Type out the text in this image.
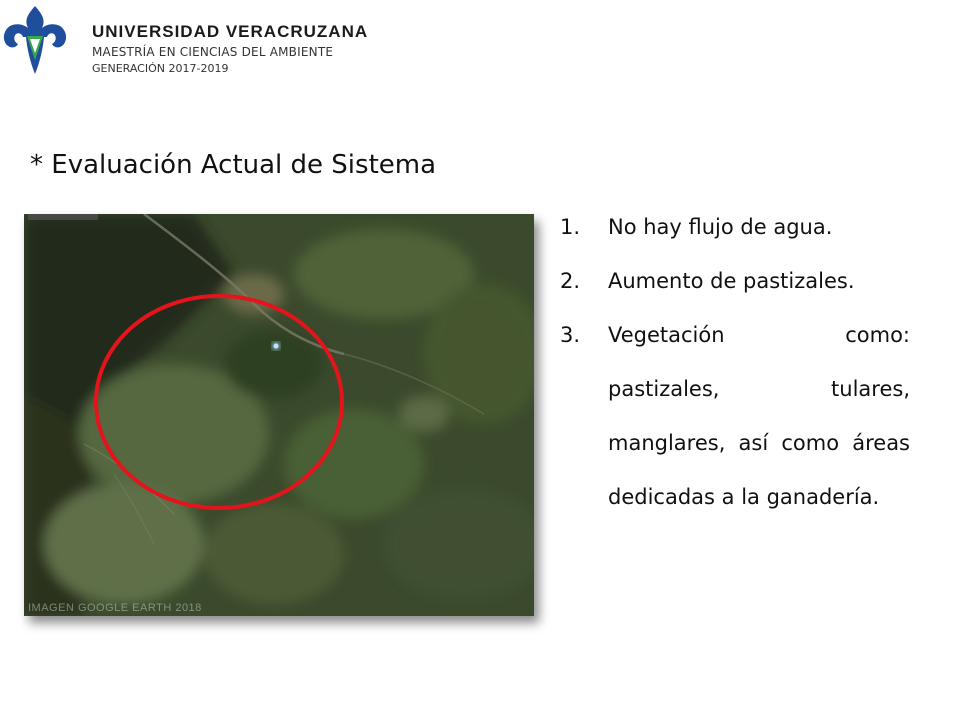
UNIVERSIDAD VERACRUZANA
MAESTRÍA EN CIENCIAS DEL AMBIENTE
GENERACIÓN 2017-2019
* Evaluación Actual de Sistema
IMAGEN GOOGLE EARTH 2018
1. No hay flujo de agua.
2. Aumento de pastizales.
3. Vegetación como: pastizales, tulares, manglares, así como áreas dedicadas a la ganadería.
